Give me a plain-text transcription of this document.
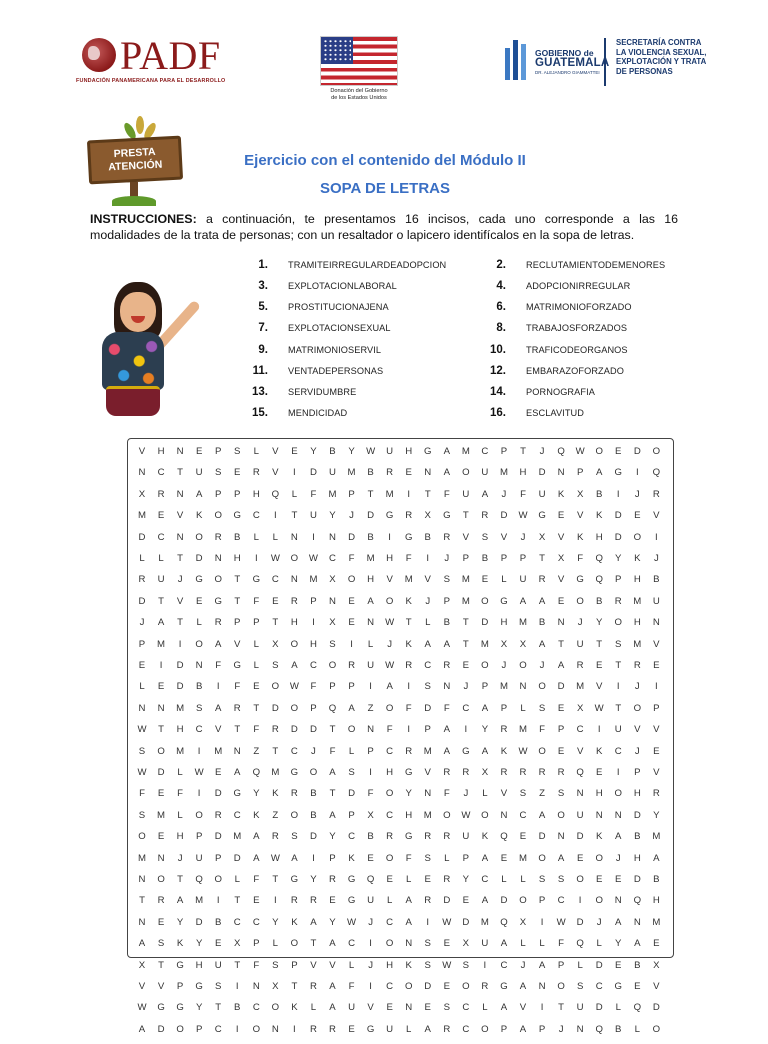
PADF
FUNDACIÓN PANAMERICANA PARA EL DESARROLLO
Donación del Gobierno
de los Estados Unidos
GOBIERNO de
GUATEMALA
DR. ALEJANDRO GIAMMATTEI
SECRETARÍA CONTRA
LA VIOLENCIA SEXUAL,
EXPLOTACIÓN Y TRATA
DE PERSONAS
PRESTA
ATENCIÓN	Ejercicio con el contenido del Módulo II
SOPA DE LETRAS
INSTRUCCIONES: a continuación, te presentamos 16 incisos, cada uno corresponde a las 16 modalidades de la trata de personas; con un resaltador o lapicero identifícalos en la sopa de letras.
1. TRAMITEIRREGULARDEADOPCION	2. RECLUTAMIENTODEMENORES
3. EXPLOTACIONLABORAL	4. ADOPCIONIRREGULAR
5. PROSTITUCIONAJENA	6. MATRIMONIOFORZADO
7. EXPLOTACIONSEXUAL	8. TRABAJOSFORZADOS
9. MATRIMONIOSERVIL	10. TRAFICODEORGANOS
11. VENTADEPERSONAS	12. EMBARAZOFORZADO
13. SERVIDUMBRE	14. PORNOGRAFIA
15. MENDICIDAD	16. ESCLAVITUD
V	H	N	E	P	S	L	V	E	Y	B	Y	W	U	H	G	A	M	C	P	T	J	Q	W	O	E	D	O
N	C	T	U	S	E	R	V	I	D	U	M	B	R	E	N	A	O	U	M	H	D	N	P	A	G	I	Q
X	R	N	A	P	P	H	Q	L	F	M	P	T	M	I	T	F	U	A	J	F	U	K	X	B	I	J	R
M	E	V	K	O	G	C	I	T	U	Y	J	D	G	R	X	G	T	R	D	W	G	E	V	K	D	E	V
D	C	N	O	R	B	L	L	N	I	N	D	B	I	G	B	R	V	S	V	J	X	V	K	H	D	O	I
L	L	T	D	N	H	I	W	O	W	C	F	M	H	F	I	J	P	B	P	P	T	X	F	Q	Y	K	J
R	U	J	G	O	T	G	C	N	M	X	O	H	V	M	V	S	M	E	L	U	R	V	G	Q	P	H	B
D	T	V	E	G	T	F	E	R	P	N	E	A	O	K	J	P	M	O	G	A	A	E	O	B	R	M	U
J	A	T	L	R	P	P	T	H	I	X	E	N	W	T	L	B	T	D	H	M	B	N	J	Y	O	H	N
P	M	I	O	A	V	L	X	O	H	S	I	L	J	K	A	A	T	M	X	X	A	T	U	T	S	M	V
E	I	D	N	F	G	L	S	A	C	O	R	U	W	R	C	R	E	O	J	O	J	A	R	E	T	R	E
L	E	D	B	I	F	E	O	W	F	P	P	I	A	I	S	N	J	P	M	N	O	D	M	V	I	J	I
N	N	M	S	A	R	T	D	O	P	Q	A	Z	O	F	D	F	C	A	P	L	S	E	X	W	T	O	P
W	T	H	C	V	T	F	R	D	D	T	O	N	F	I	P	A	I	Y	R	M	F	P	C	I	U	V	V
S	O	M	I	M	N	Z	T	C	J	F	L	P	C	R	M	A	G	A	K	W	O	E	V	K	C	J	E
W	D	L	W	E	A	Q	M	G	O	A	S	I	H	G	V	R	R	X	R	R	R	R	Q	E	I	P	V
F	E	F	I	D	G	Y	K	R	B	T	D	F	O	Y	N	F	J	L	V	S	Z	S	N	H	O	H	R
S	M	L	O	R	C	K	Z	O	B	A	P	X	C	H	M	O	W	O	N	C	A	O	U	N	N	D	Y
O	E	H	P	D	M	A	R	S	D	Y	C	B	R	G	R	R	U	K	Q	E	D	N	D	K	A	B	M
M	N	J	U	P	D	A	W	A	I	P	K	E	O	F	S	L	P	A	E	M	O	A	E	O	J	H	A
N	O	T	Q	O	L	F	T	G	Y	R	G	Q	E	L	E	R	Y	C	L	L	S	S	O	E	E	D	B
T	R	A	M	I	T	E	I	R	R	E	G	U	L	A	R	D	E	A	D	O	P	C	I	O	N	Q	H
N	E	Y	D	B	C	C	Y	K	A	Y	W	J	C	A	I	W	D	M	Q	X	I	W	D	J	A	N	M
A	S	K	Y	E	X	P	L	O	T	A	C	I	O	N	S	E	X	U	A	L	L	F	Q	L	Y	A	E
X	T	G	H	U	T	F	S	P	V	V	L	J	H	K	S	W	S	I	C	J	A	P	L	D	E	B	X
V	V	P	G	S	I	N	X	T	R	A	F	I	C	O	D	E	O	R	G	A	N	O	S	C	G	E	V
W	G	G	Y	T	B	C	O	K	L	A	U	V	E	N	E	S	C	L	A	V	I	T	U	D	L	Q	D
A	D	O	P	C	I	O	N	I	R	R	E	G	U	L	A	R	C	O	P	A	P	J	N	Q	B	L	O
